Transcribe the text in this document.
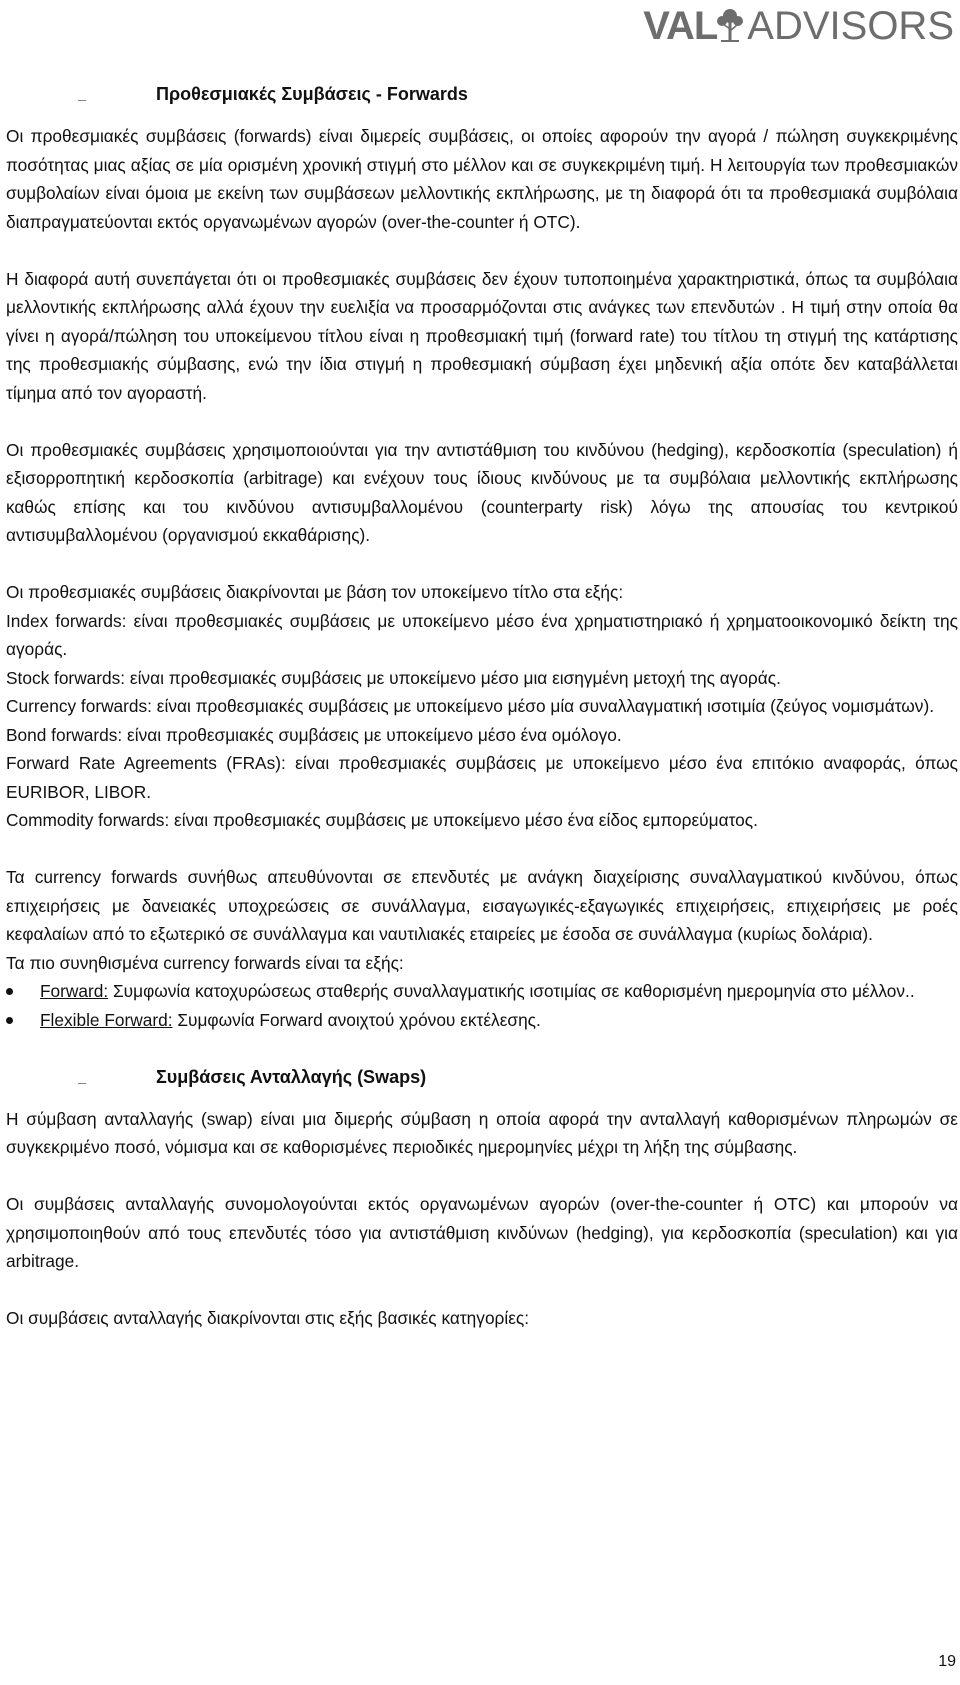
VAL ADVISORS
Προθεσμιακές Συμβάσεις - Forwards

Οι προθεσμιακές συμβάσεις (forwards) είναι διμερείς συμβάσεις, οι οποίες αφορούν την αγορά / πώληση συγκεκριμένης ποσότητας μιας αξίας σε μία ορισμένη χρονική στιγμή στο μέλλον και σε συγκεκριμένη τιμή. Η λειτουργία των προθεσμιακών συμβολαίων είναι όμοια με εκείνη των συμβάσεων μελλοντικής εκπλήρωσης, με τη διαφορά ότι τα προθεσμιακά συμβόλαια διαπραγματεύονται εκτός οργανωμένων αγορών (over-the-counter ή OTC).

Η διαφορά αυτή συνεπάγεται ότι οι προθεσμιακές συμβάσεις δεν έχουν τυποποιημένα χαρακτηριστικά, όπως τα συμβόλαια μελλοντικής εκπλήρωσης αλλά έχουν την ευελιξία να προσαρμόζονται στις ανάγκες των επενδυτών . Η τιμή στην οποία θα γίνει η αγορά/πώληση του υποκείμενου τίτλου είναι η προθεσμιακή τιμή (forward rate) του τίτλου τη στιγμή της κατάρτισης της προθεσμιακής σύμβασης, ενώ την ίδια στιγμή η προθεσμιακή σύμβαση έχει μηδενική αξία οπότε δεν καταβάλλεται τίμημα από τον αγοραστή.

Οι προθεσμιακές συμβάσεις χρησιμοποιούνται για την αντιστάθμιση του κινδύνου (hedging), κερδοσκοπία (speculation) ή εξισορροπητική κερδοσκοπία (arbitrage) και ενέχουν τους ίδιους κινδύνους με τα συμβόλαια μελλοντικής εκπλήρωσης καθώς επίσης και του κινδύνου αντισυμβαλλομένου (counterparty risk) λόγω της απουσίας του κεντρικού αντισυμβαλλομένου (οργανισμού εκκαθάρισης).

Οι προθεσμιακές συμβάσεις διακρίνονται με βάση τον υποκείμενο τίτλο στα εξής:

Index forwards: είναι προθεσμιακές συμβάσεις με υποκείμενο μέσο ένα χρηματιστηριακό ή χρηματοοικονομικό δείκτη της αγοράς.

Stock forwards: είναι προθεσμιακές συμβάσεις με υποκείμενο μέσο μια εισηγμένη μετοχή της αγοράς.

Currency forwards: είναι προθεσμιακές συμβάσεις με υποκείμενο μέσο μία συναλλαγματική ισοτιμία (ζεύγος νομισμάτων).

Bond forwards: είναι προθεσμιακές συμβάσεις με υποκείμενο μέσο ένα ομόλογο.

Forward Rate Agreements (FRAs): είναι προθεσμιακές συμβάσεις με υποκείμενο μέσο ένα επιτόκιο αναφοράς, όπως EURIBOR, LIBOR.

Commodity forwards: είναι προθεσμιακές συμβάσεις με υποκείμενο μέσο ένα είδος εμπορεύματος.

Τα currency forwards συνήθως απευθύνονται σε επενδυτές με ανάγκη διαχείρισης συναλλαγματικού κινδύνου, όπως επιχειρήσεις με δανειακές υποχρεώσεις σε συνάλλαγμα, εισαγωγικές-εξαγωγικές επιχειρήσεις, επιχειρήσεις με ροές κεφαλαίων από το εξωτερικό σε συνάλλαγμα και ναυτιλιακές εταιρείες με έσοδα σε συνάλλαγμα (κυρίως δολάρια).

Τα πιο συνηθισμένα currency forwards είναι τα εξής:

Forward: Συμφωνία κατοχυρώσεως σταθερής συναλλαγματικής ισοτιμίας σε καθορισμένη ημερομηνία στο μέλλον..
Flexible Forward: Συμφωνία Forward ανοιχτού χρόνου εκτέλεσης.
Συμβάσεις Ανταλλαγής (Swaps)

Η σύμβαση ανταλλαγής (swap) είναι μια διμερής σύμβαση η οποία αφορά την ανταλλαγή καθορισμένων πληρωμών σε συγκεκριμένο ποσό, νόμισμα και σε καθορισμένες περιοδικές ημερομηνίες μέχρι τη λήξη της σύμβασης.

Οι συμβάσεις ανταλλαγής συνομολογούνται εκτός οργανωμένων αγορών (over-the-counter ή OTC) και μπορούν να χρησιμοποιηθούν από τους επενδυτές τόσο για αντιστάθμιση κινδύνων (hedging), για κερδοσκοπία (speculation) και για arbitrage.

Οι συμβάσεις ανταλλαγής διακρίνονται στις εξής βασικές κατηγορίες:

19
